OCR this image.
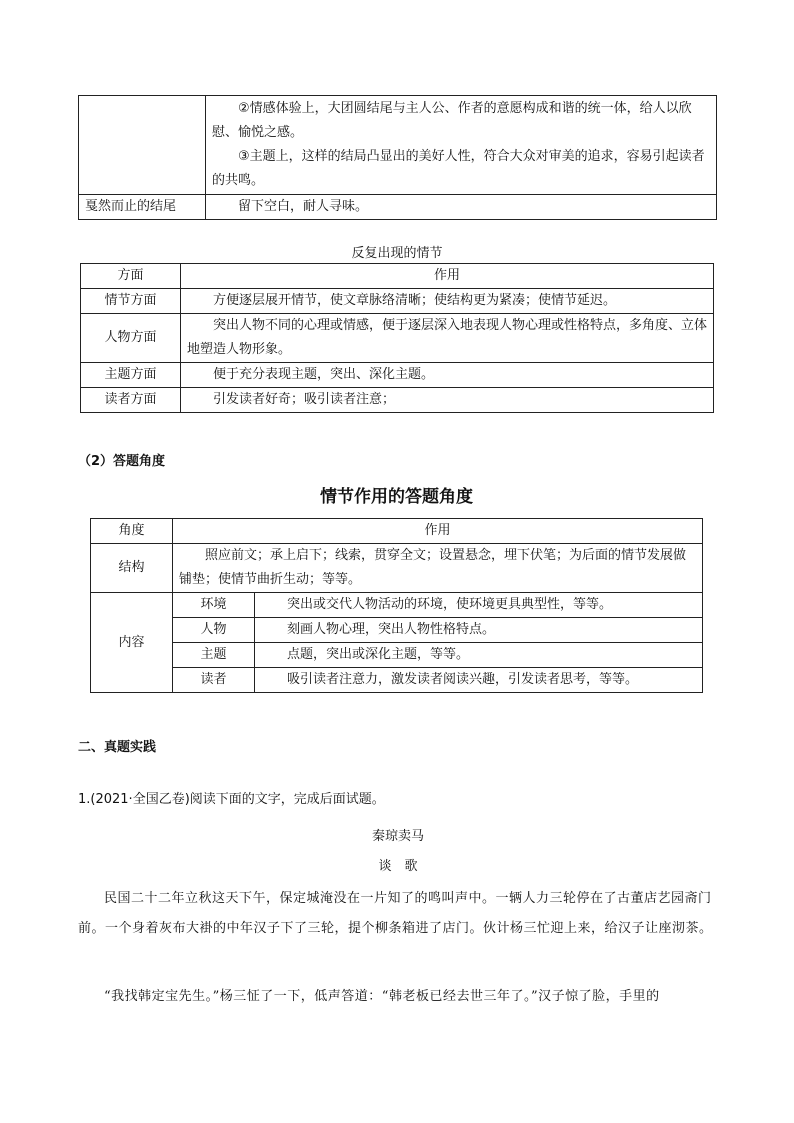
	②情感体验上，大团圆结尾与主人公、作者的意愿构成和谐的统一体，给人以欣慰、愉悦之感。
③主题上，这样的结局凸显出的美好人性，符合大众对审美的追求，容易引起读者的共鸣。

戛然而止的结尾	留下空白，耐人寻味。
反复出现的情节
方面	作用
情节方面	方便逐层展开情节，使文章脉络清晰；使结构更为紧凑；使情节延迟。
人物方面	突出人物不同的心理或情感，便于逐层深入地表现人物心理或性格特点，多角度、立体地塑造人物形象。
主题方面	便于充分表现主题，突出、深化主题。
读者方面	引发读者好奇；吸引读者注意；
（2）答题角度
情节作用的答题角度
角度	作用	
结构	照应前文；承上启下；线索，贯穿全文；设置悬念，埋下伏笔；为后面的情节发展做铺垫；使情节曲折生动；等等。	
内容	环境	突出或交代人物活动的环境，使环境更具典型性，等等。
	人物	刻画人物心理，突出人物性格特点。
	主题	点题，突出或深化主题，等等。
	读者	吸引读者注意力，激发读者阅读兴趣，引发读者思考，等等。
二、真题实践
1.(2021·全国乙卷)阅读下面的文字，完成后面试题。
秦琼卖马
谈　歌
民国二十二年立秋这天下午，保定城淹没在一片知了的鸣叫声中。一辆人力三轮停在了古董店艺园斋门前。一个身着灰布大褂的中年汉子下了三轮，提个柳条箱进了店门。伙计杨三忙迎上来，给汉子让座沏茶。
“我找韩定宝先生。”杨三怔了一下，低声答道：“韩老板已经去世三年了。”汉子惊了脸，手里的
